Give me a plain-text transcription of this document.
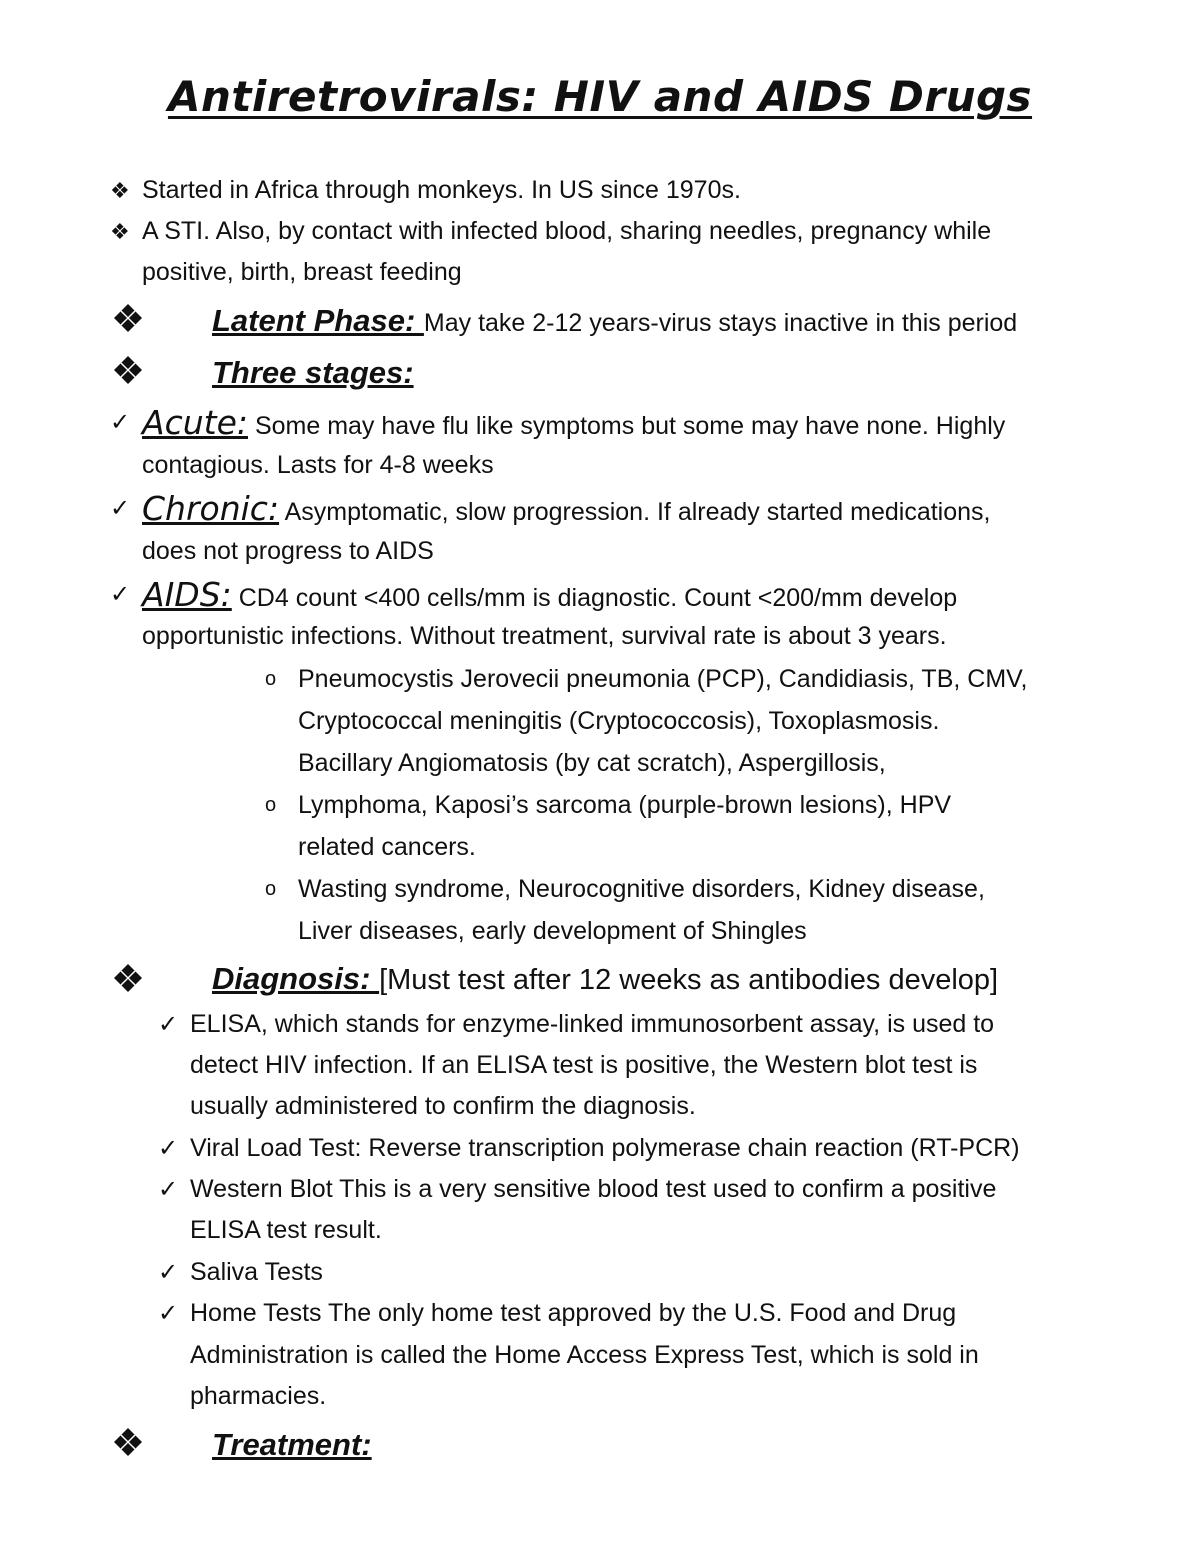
Antiretrovirals: HIV and AIDS Drugs
❖ Started in Africa through monkeys. In US since 1970s.
❖ A STI. Also, by contact with infected blood, sharing needles, pregnancy while
positive, birth, breast feeding
Latent Phase: May take 2-12 years-virus stays inactive in this period
Three stages:
✓ Acute: Some may have flu like symptoms but some may have none. Highly
contagious. Lasts for 4-8 weeks
✓ Chronic: Asymptomatic, slow progression. If already started medications,
does not progress to AIDS
✓ AIDS: CD4 count <400 cells/mm is diagnostic. Count <200/mm develop
opportunistic infections. Without treatment, survival rate is about 3 years.
o Pneumocystis Jerovecii pneumonia (PCP), Candidiasis, TB, CMV,
Cryptococcal meningitis (Cryptococcosis), Toxoplasmosis.
Bacillary Angiomatosis (by cat scratch), Aspergillosis,
o Lymphoma, Kaposi’s sarcoma (purple-brown lesions), HPV
related cancers.
o Wasting syndrome, Neurocognitive disorders, Kidney disease,
Liver diseases, early development of Shingles
Diagnosis: [Must test after 12 weeks as antibodies develop]
✓ ELISA, which stands for enzyme-linked immunosorbent assay, is used to
detect HIV infection. If an ELISA test is positive, the Western blot test is
usually administered to confirm the diagnosis.
✓ Viral Load Test: Reverse transcription polymerase chain reaction (RT-PCR)
✓ Western Blot This is a very sensitive blood test used to confirm a positive
ELISA test result.
✓ Saliva Tests
✓ Home Tests The only home test approved by the U.S. Food and Drug
Administration is called the Home Access Express Test, which is sold in
pharmacies.
Treatment:
